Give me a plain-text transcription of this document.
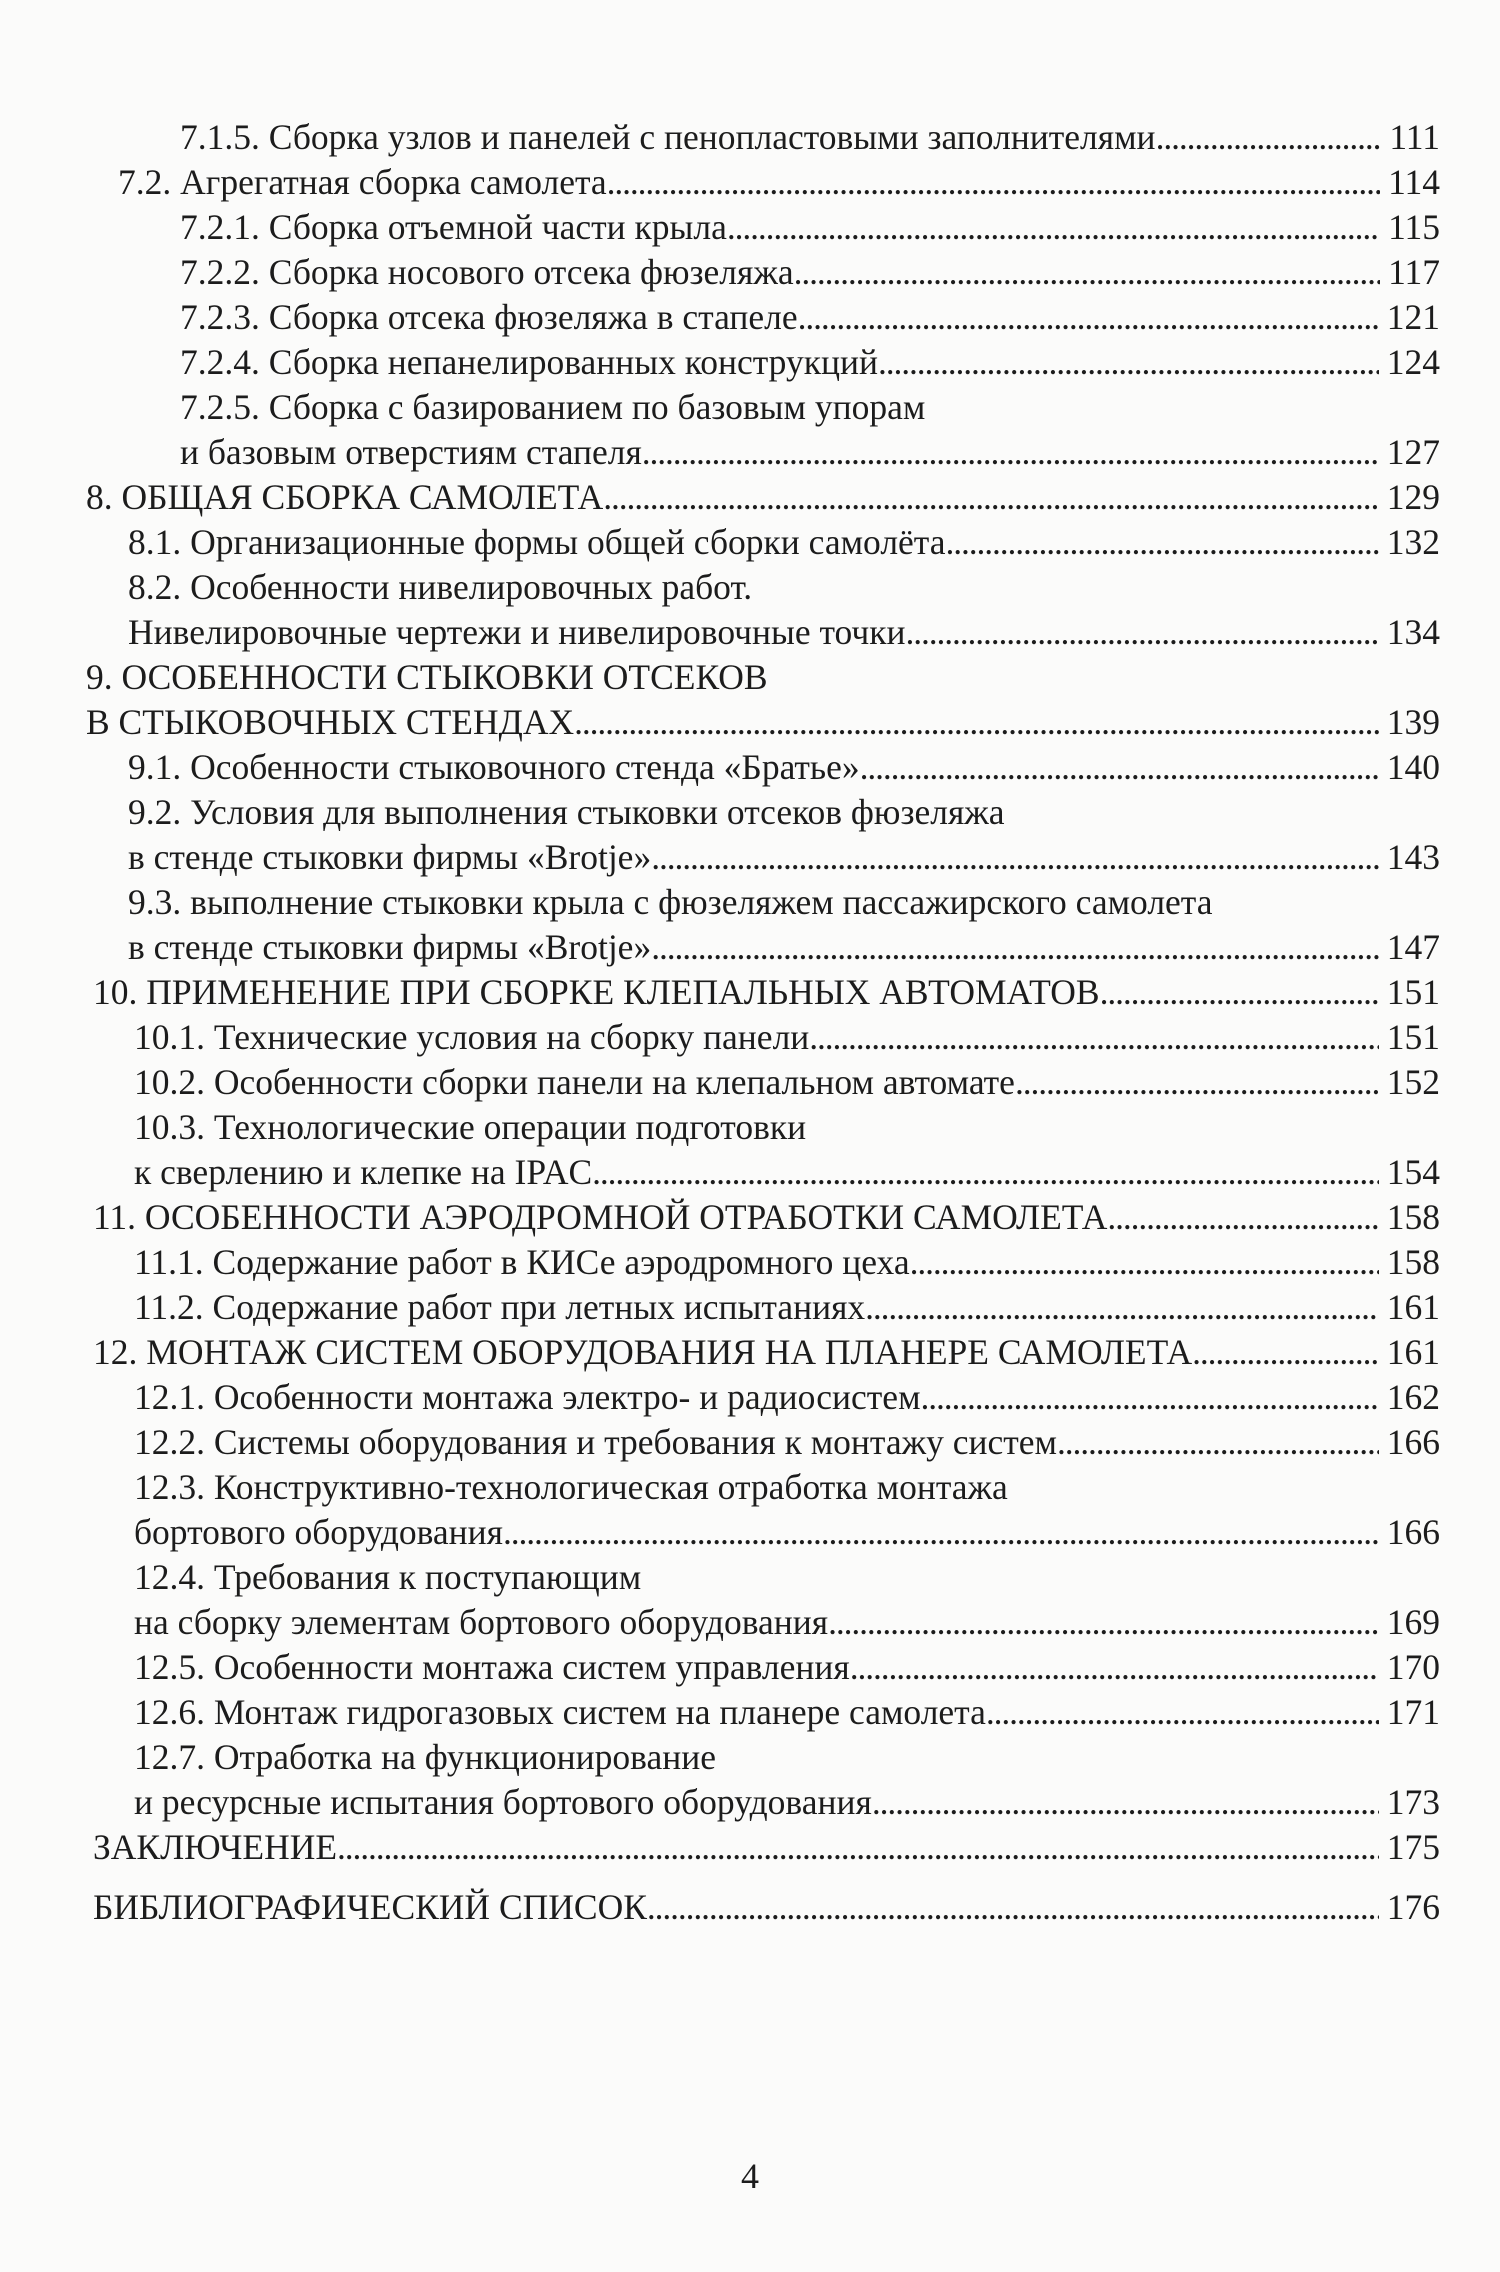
7.1.5. Сборка узлов и панелей с пенопластовыми заполнителями . . .	111
7.2. Агрегатная сборка самолета . . .	114
7.2.1. Сборка отъемной части крыла . . .	115
7.2.2. Сборка носового отсека фюзеляжа . . .	117
7.2.3. Сборка отсека фюзеляжа в стапеле . . .	121
7.2.4. Сборка непанелированных конструкций . . .	124
7.2.5. Сборка с базированием по базовым упорам
и базовым отверстиям стапеля . . .	127
8. ОБЩАЯ СБОРКА САМОЛЕТА . . .	129
8.1. Организационные формы общей сборки самолёта . . .	132
8.2. Особенности нивелировочных работ.
Нивелировочные чертежи и нивелировочные точки . . .	134
9. ОСОБЕННОСТИ СТЫКОВКИ ОТСЕКОВ
В СТЫКОВОЧНЫХ СТЕНДАХ . . .	139
9.1. Особенности стыковочного стенда «Братье» . . .	140
9.2. Условия для выполнения стыковки отсеков фюзеляжа
в стенде стыковки фирмы «Brotje» . . .	143
9.3. выполнение стыковки крыла с фюзеляжем пассажирского самолета
в стенде стыковки фирмы «Brotje» . . .	147
10. ПРИМЕНЕНИЕ ПРИ СБОРКЕ КЛЕПАЛЬНЫХ АВТОМАТОВ . . .	151
10.1. Технические условия на сборку панели . . .	151
10.2. Особенности сборки панели на клепальном автомате . . .	152
10.3. Технологические операции подготовки
к сверлению и клепке на IPAC . . .	154
11. ОСОБЕННОСТИ АЭРОДРОМНОЙ ОТРАБОТКИ САМОЛЕТА . . .	158
11.1. Содержание работ в КИСе аэродромного цеха . . .	158
11.2. Содержание работ при летных испытаниях . . .	161
12. МОНТАЖ СИСТЕМ ОБОРУДОВАНИЯ НА ПЛАНЕРЕ САМОЛЕТА . . .	161
12.1. Особенности монтажа электро- и радиосистем . . .	162
12.2. Системы оборудования и требования к монтажу систем . . .	166
12.3. Конструктивно-технологическая отработка монтажа
бортового оборудования . . .	166
12.4. Требования к поступающим
на сборку элементам бортового оборудования . . .	169
12.5. Особенности монтажа систем управления . . .	170
12.6. Монтаж гидрогазовых систем на планере самолета . . .	171
12.7. Отработка на функционирование
и ресурсные испытания бортового оборудования . . .	173
ЗАКЛЮЧЕНИЕ . . .	175
БИБЛИОГРАФИЧЕСКИЙ СПИСОК . . .	176
4
